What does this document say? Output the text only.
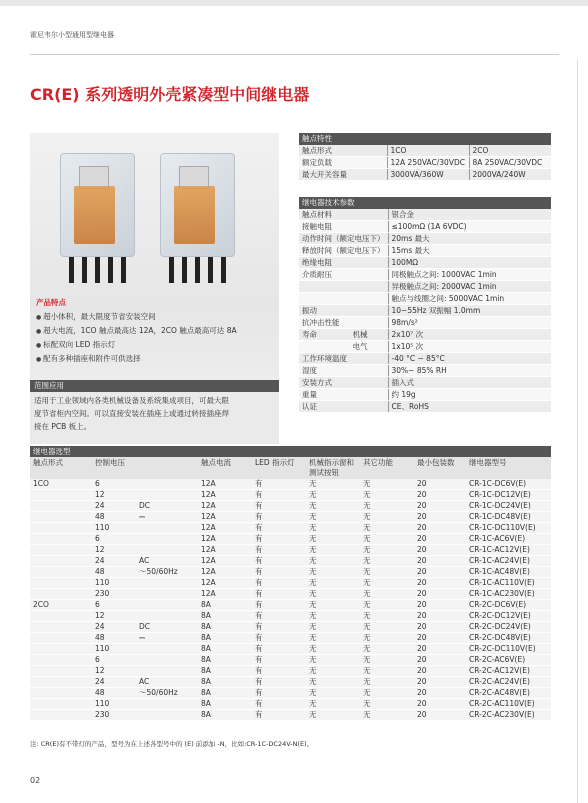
霍尼韦尔小型通用型继电器
CR(E) 系列透明外壳紧凑型中间继电器
产品特点
● 超小体积，最大限度节省安装空间
● 超大电流，1CO 触点最高达 12A，2CO 触点最高可达 8A
● 标配双向 LED 指示灯
● 配有多种插座和附件可供选择
范围应用
适用于工业领域内各类机械设备及系统集成项目，可最大限
度节省柜内空间。可以直接安装在插座上或通过转接插座焊
接在 PCB 板上。
触点特性
触点形式	1CO	2CO
额定负载	12A 250VAC/30VDC	8A 250VAC/30VDC
最大开关容量	3000VA/360W	2000VA/240W
继电器技术参数
触点材料		银合金
接触电阻		≤100mΩ (1A 6VDC)
动作时间（额定电压下）		20ms 最大
释放时间（额定电压下）		15ms 最大
绝缘电阻		100MΩ
介质耐压		同极触点之间: 1000VAC 1min
		异极触点之间: 2000VAC 1min
		触点与线圈之间: 5000VAC 1min
振动		10~55Hz 双振幅 1.0mm
抗冲击性能		98m/s²
寿命	机械	2x10⁷ 次
	电气	1x10⁵ 次
工作环境温度		-40 °C ~ 85°C
湿度		30%~ 85% RH
安装方式		插入式
重量		约 19g
认证		CE、RoHS
继电器选型
触点形式	控制电压		触点电流	LED 指示灯	机械指示窗和测试按钮	其它功能	最小包装数	继电器型号
1CO	6		12A	有	无	无	20	CR-1C-DC6V(E)
	12		12A	有	无	无	20	CR-1C-DC12V(E)
	24	DC	12A	有	无	无	20	CR-1C-DC24V(E)
	48	⎓	12A	有	无	无	20	CR-1C-DC48V(E)
	110		12A	有	无	无	20	CR-1C-DC110V(E)
	6		12A	有	无	无	20	CR-1C-AC6V(E)
	12		12A	有	无	无	20	CR-1C-AC12V(E)
	24	AC	12A	有	无	无	20	CR-1C-AC24V(E)
	48	～50/60Hz	12A	有	无	无	20	CR-1C-AC48V(E)
	110		12A	有	无	无	20	CR-1C-AC110V(E)
	230		12A	有	无	无	20	CR-1C-AC230V(E)
2CO	6		8A	有	无	无	20	CR-2C-DC6V(E)
	12		8A	有	无	无	20	CR-2C-DC12V(E)
	24	DC	8A	有	无	无	20	CR-2C-DC24V(E)
	48	⎓	8A	有	无	无	20	CR-2C-DC48V(E)
	110		8A	有	无	无	20	CR-2C-DC110V(E)
	6		8A	有	无	无	20	CR-2C-AC6V(E)
	12		8A	有	无	无	20	CR-2C-AC12V(E)
	24	AC	8A	有	无	无	20	CR-2C-AC24V(E)
	48	～50/60Hz	8A	有	无	无	20	CR-2C-AC48V(E)
	110		8A	有	无	无	20	CR-2C-AC110V(E)
	230		8A	有	无	无	20	CR-2C-AC230V(E)
注: CR(E)有不带灯的产品，型号为在上述各型号中的 (E) 前添加 -N，比如:CR-1C-DC24V-N(E)。
02
